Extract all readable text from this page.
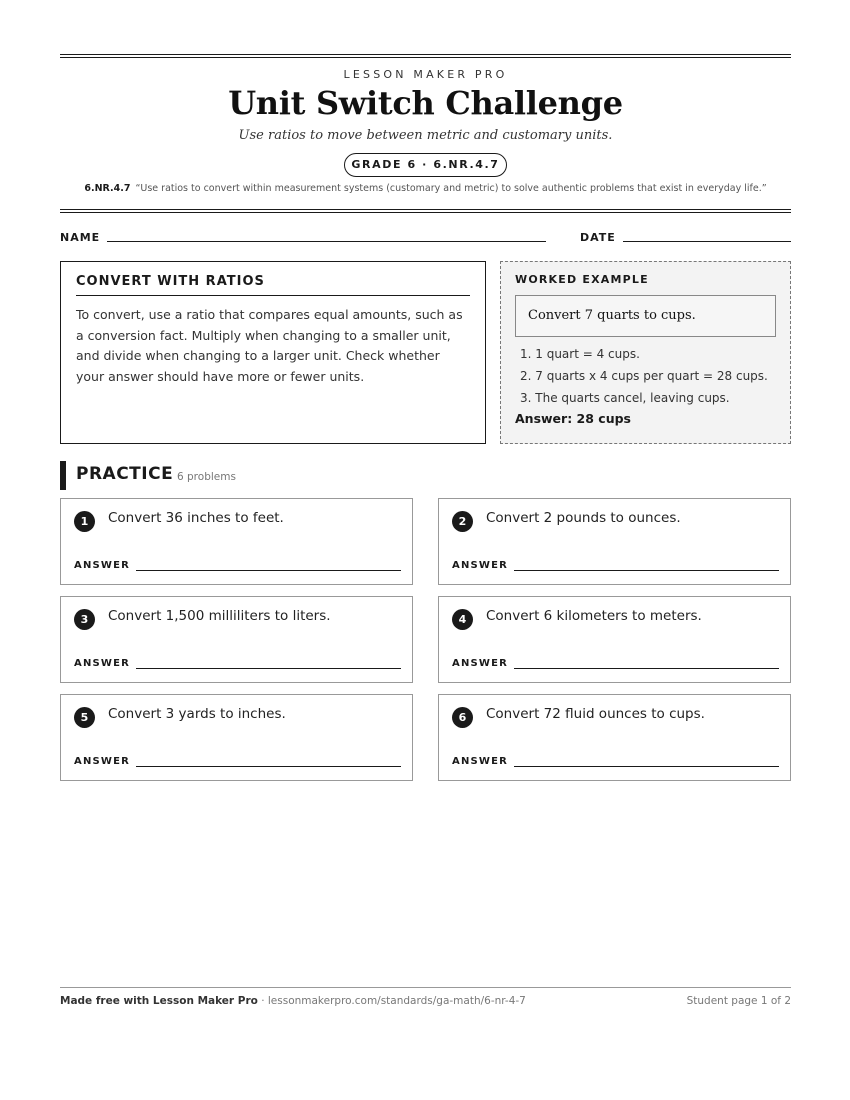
LESSON MAKER PRO
Unit Switch Challenge
Use ratios to move between metric and customary units.
GRADE 6 · 6.NR.4.7
6.NR.4.7 “Use ratios to convert within measurement systems (customary and metric) to solve authentic problems that exist in everyday life.”
NAME	DATE
CONVERT WITH RATIOS

To convert, use a ratio that compares equal amounts, such as a conversion fact. Multiply when changing to a smaller unit, and divide when changing to a larger unit. Check whether your answer should have more or fewer units.

WORKED EXAMPLE
Convert 7 quarts to cups.
1. 1 quart = 4 cups.
2. 7 quarts x 4 cups per quart = 28 cups.
3. The quarts cancel, leaving cups.
Answer: 28 cups
PRACTICE 6 problems
1	Convert 36 inches to feet.
ANSWER
2	Convert 2 pounds to ounces.
ANSWER
3	Convert 1,500 milliliters to liters.
ANSWER
4	Convert 6 kilometers to meters.
ANSWER
5	Convert 3 yards to inches.
ANSWER
6	Convert 72 fluid ounces to cups.
ANSWER
Made free with Lesson Maker Pro · lessonmakerpro.com/standards/ga-math/6-nr-4-7	Student page 1 of 2
